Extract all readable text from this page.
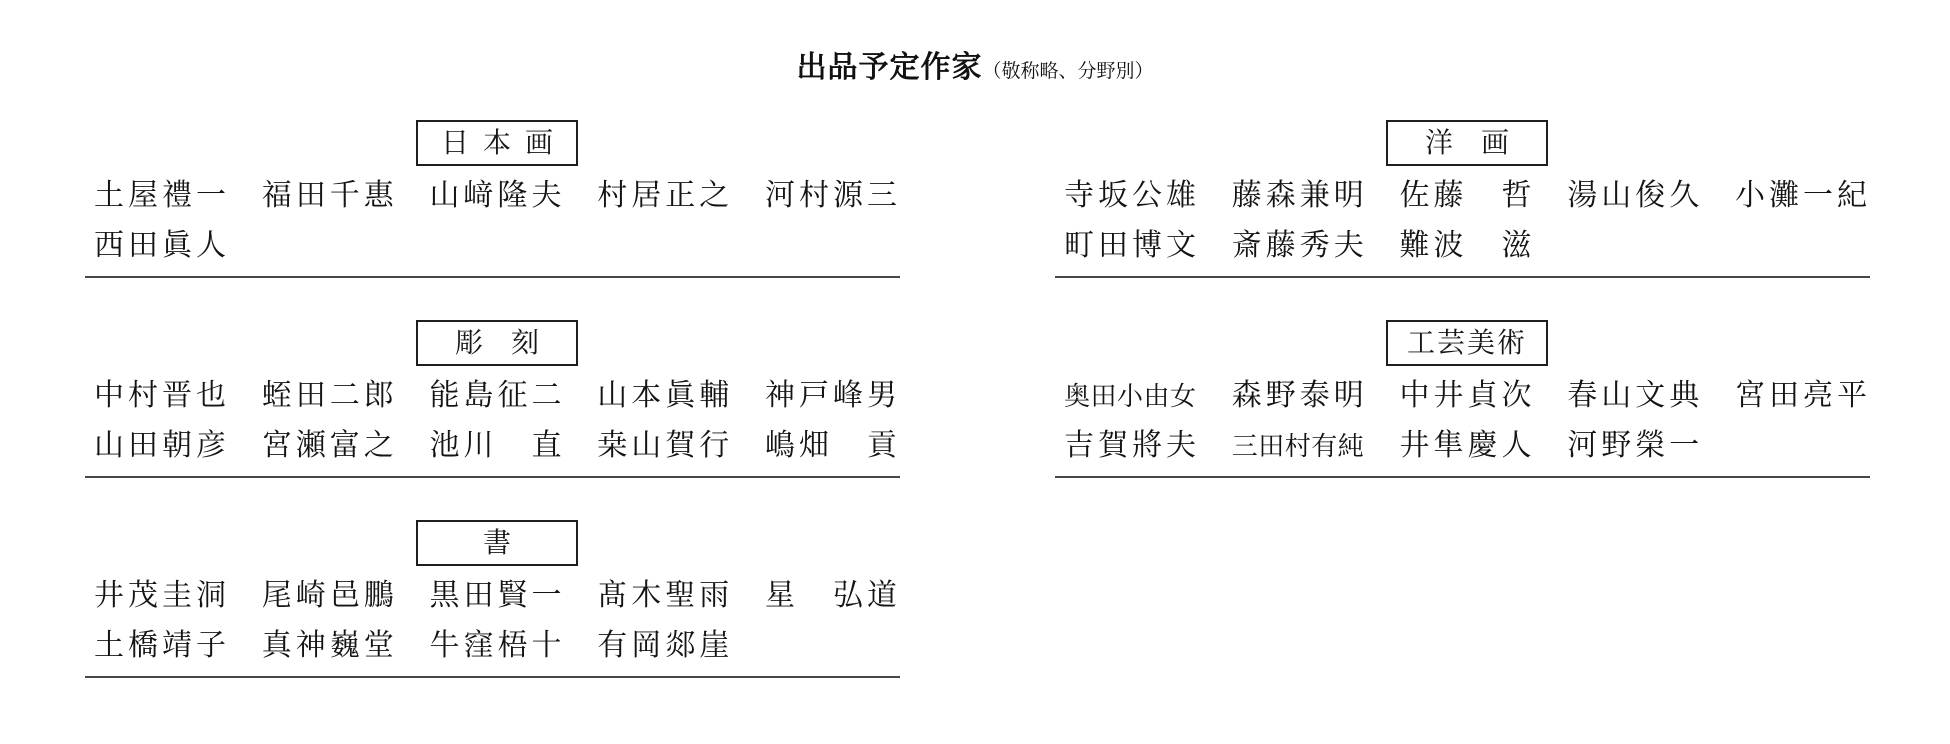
出品予定作家（敬称略、分野別）
日本画
土屋禮一 福田千惠 山﨑隆夫 村居正之 河村源三
西田眞人
洋　画
寺坂公雄 藤森兼明 佐藤　哲 湯山俊久 小灘一紀
町田博文 斎藤秀夫 難波　滋
彫　刻
中村晋也 蛭田二郎 能島征二 山本眞輔 神戸峰男
山田朝彦 宮瀬富之 池川　直 桒山賀行 嶋畑　貢
工芸美術
奥田小由女 森野泰明 中井貞次 春山文典 宮田亮平
吉賀將夫 三田村有純 井隼慶人 河野榮一
書
井茂圭洞 尾崎邑鵬 黒田賢一 髙木聖雨 星　弘道
土橋靖子 真神巍堂 牛窪梧十 有岡郯崖
